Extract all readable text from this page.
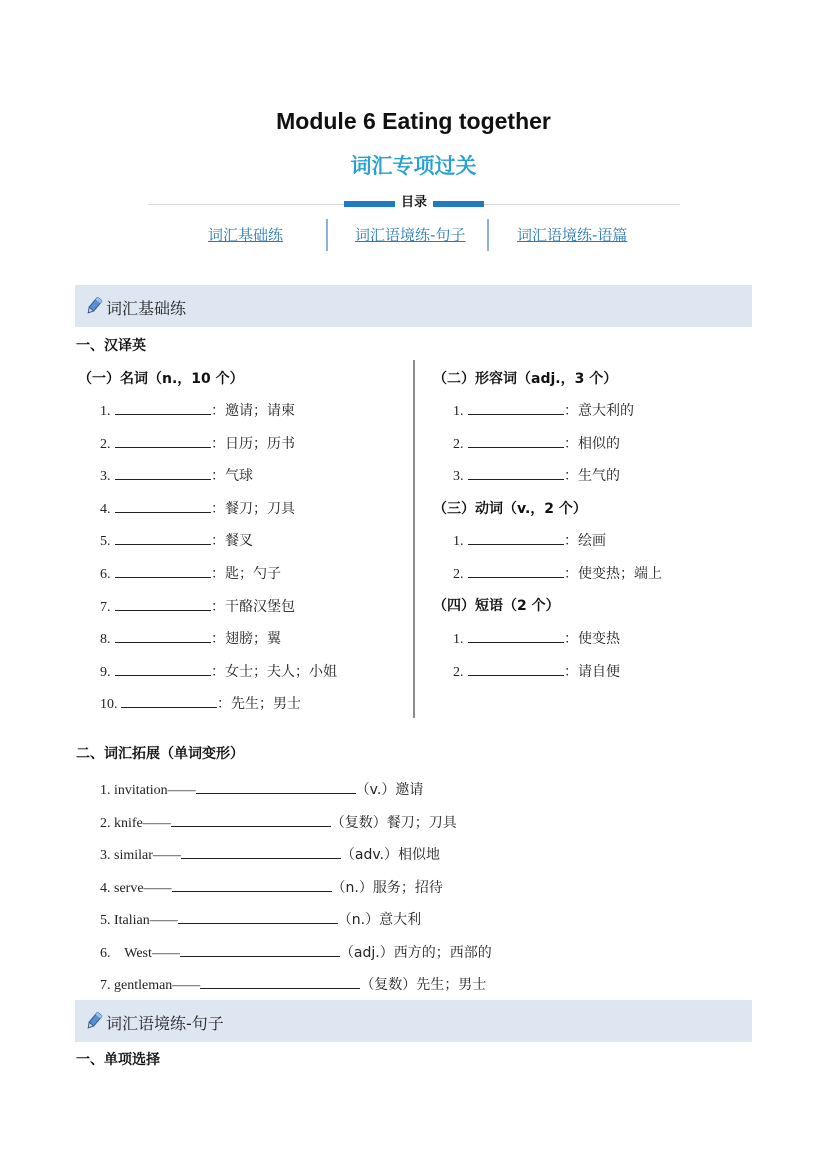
Module 6 Eating together
词汇专项过关
目录
词汇基础练	词汇语境练-句子	词汇语境练-语篇
词汇基础练
一、汉译英
（一）名词（n.，10 个）
1.	：邀请；请柬
2.	：日历；历书
3.	：气球
4.	：餐刀；刀具
5.	：餐叉
6.	：匙；勺子
7.	：干酪汉堡包
8.	：翅膀；翼
9.	：女士；夫人；小姐
10.	：先生；男士
（二）形容词（adj.，3 个）
1.	：意大利的
2.	：相似的
3.	：生气的
（三）动词（v.，2 个）
1.	：绘画
2.	：使变热；端上
（四）短语（2 个）
1.	：使变热
2.	：请自便
二、词汇拓展（单词变形）
1. invitation——	（v.）邀请
2. knife——	（复数）餐刀；刀具
3. similar——	（adv.）相似地
4. serve——	（n.）服务；招待
5. Italian——	（n.）意大利
6.    West——	（adj.）西方的；西部的
7. gentleman——	（复数）先生；男士
词汇语境练-句子
一、单项选择
